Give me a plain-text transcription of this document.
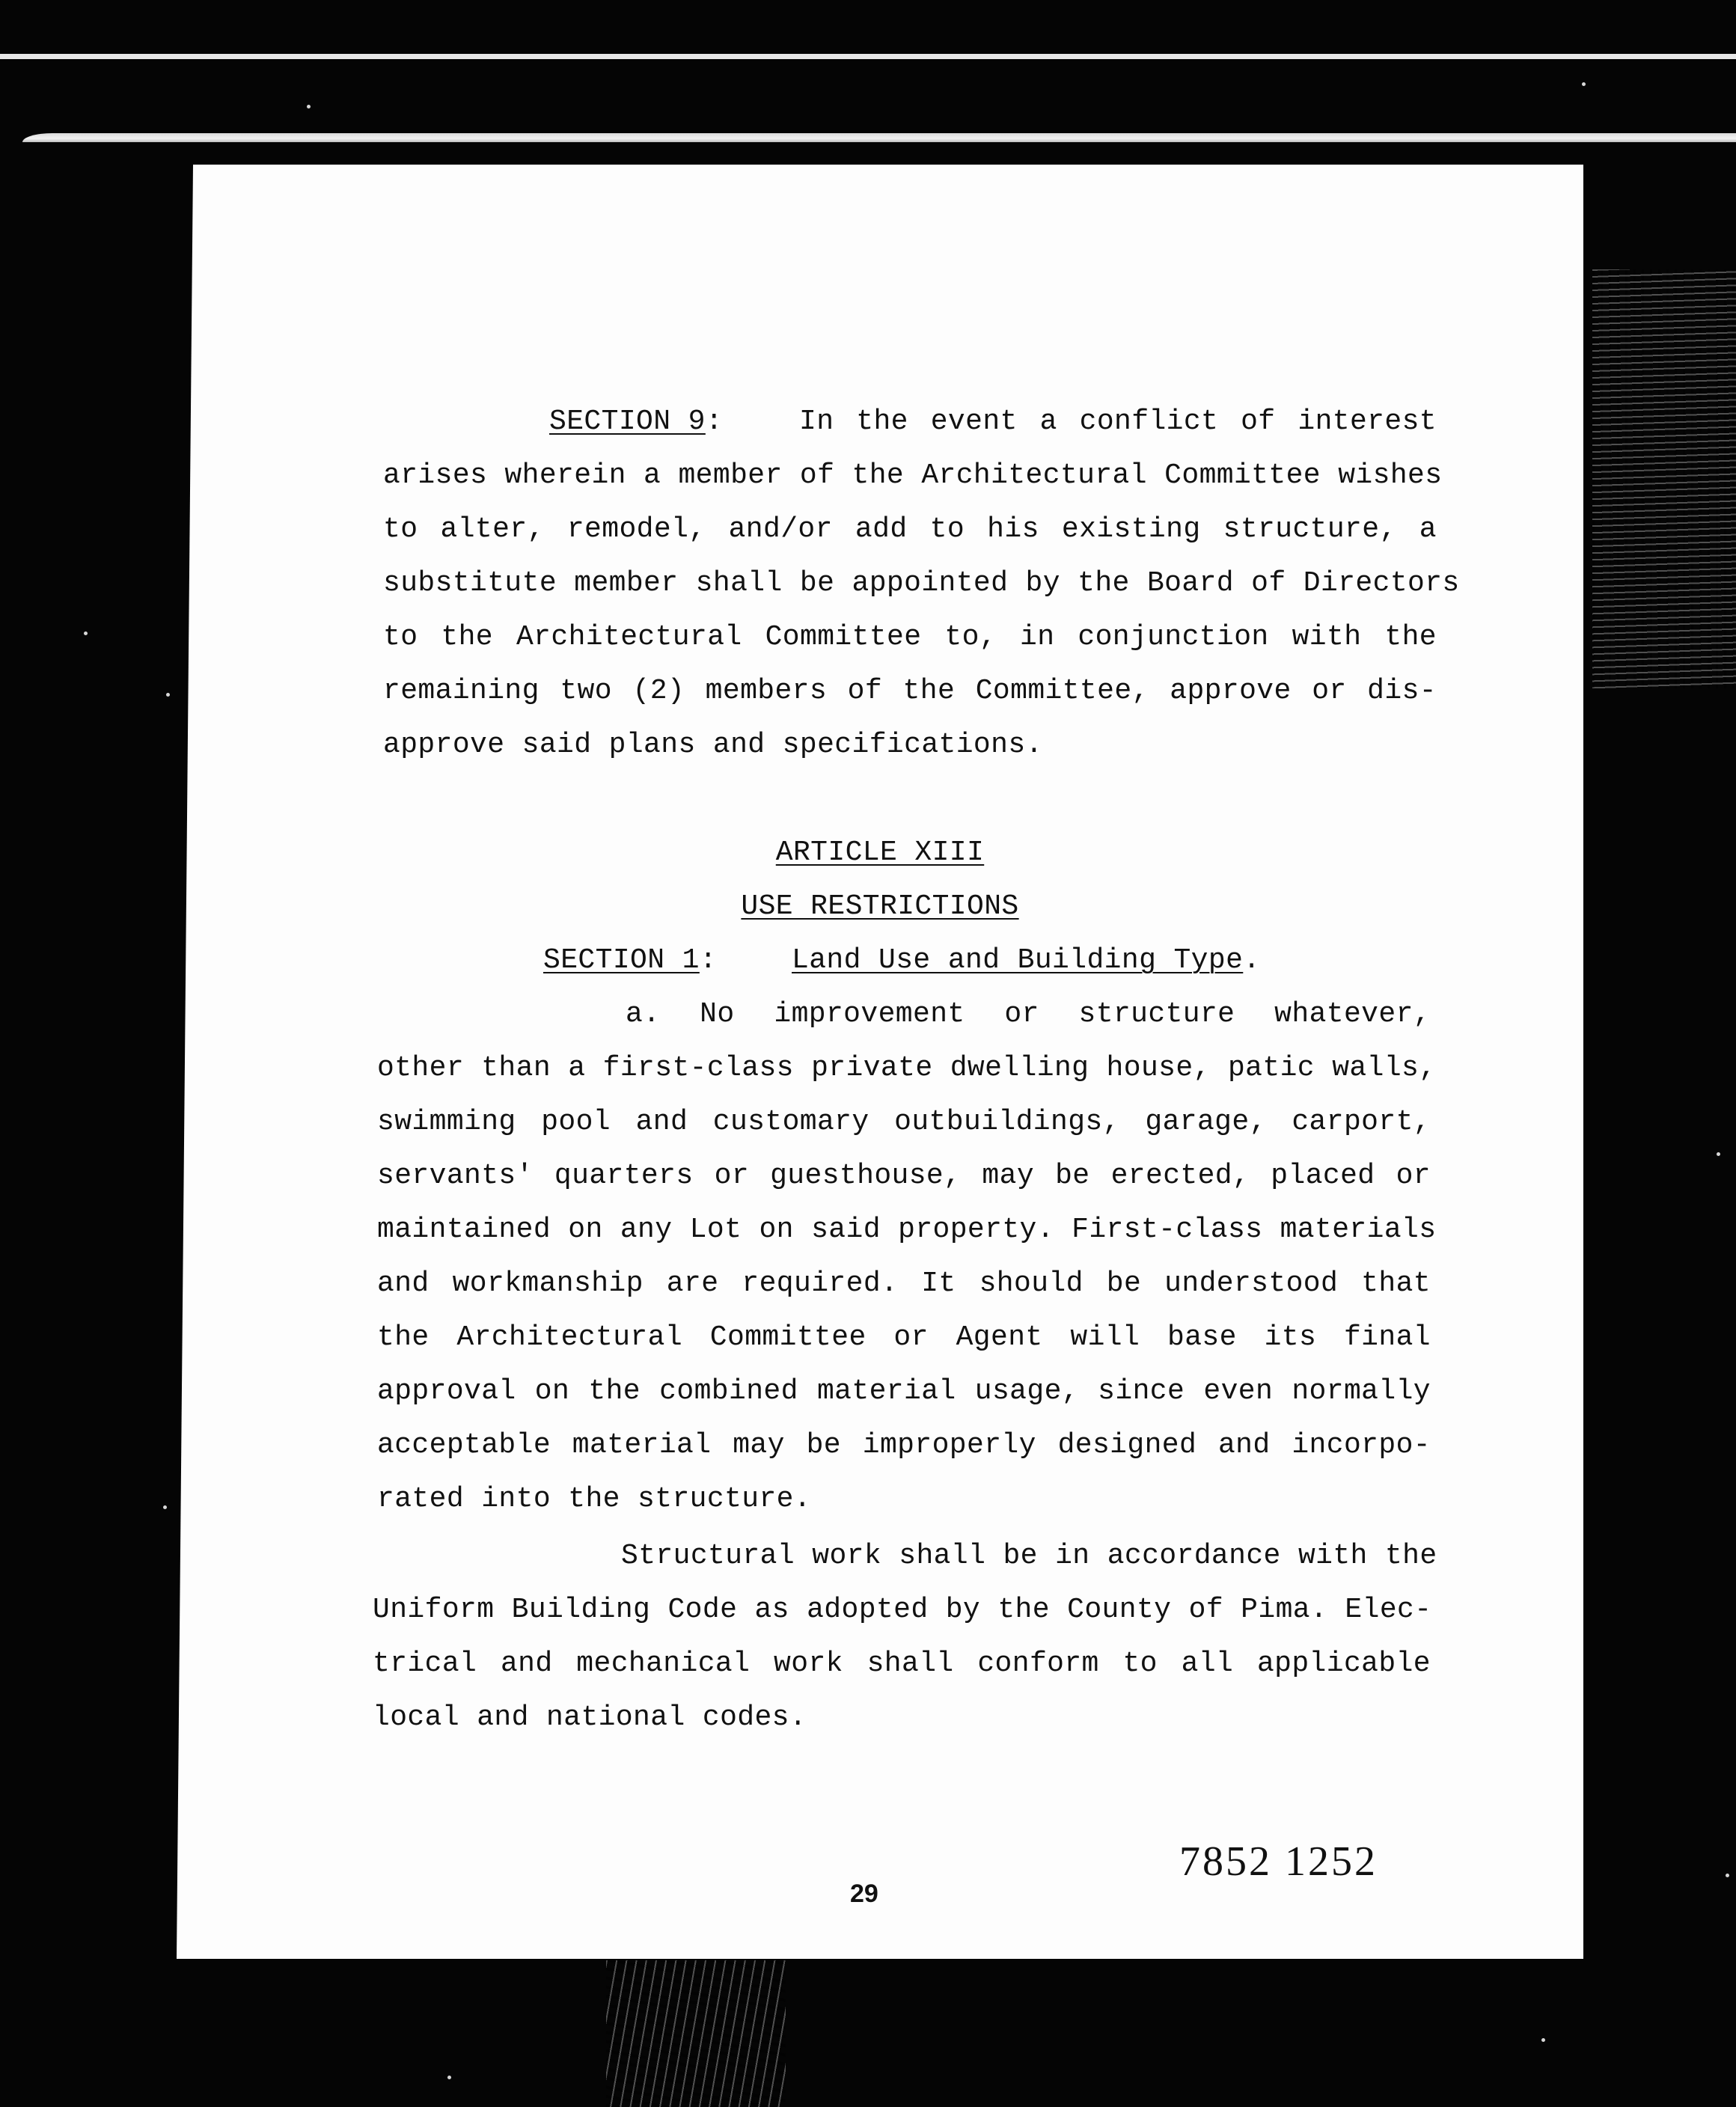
SECTION 9:	In the event a conflict of interest
arises wherein a member of the Architectural Committee wishes
to alter, remodel, and/or add to his existing structure, a
substitute member shall be appointed by the Board of Directors
to the Architectural Committee to, in conjunction with the
remaining two (2) members of the Committee, approve or dis-
approve said plans and specifications.
ARTICLE XIII
USE RESTRICTIONS
SECTION 1:	Land Use and Building Type.
a. No improvement or structure whatever,
other than a first-class private dwelling house, patic walls,
swimming pool and customary outbuildings, garage, carport,
servants' quarters or guesthouse, may be erected, placed or
maintained on any Lot on said property. First-class materials
and workmanship are required. It should be understood that
the Architectural Committee or Agent will base its final
approval on the combined material usage, since even normally
acceptable material may be improperly designed and incorpo-
rated into the structure.
Structural work shall be in accordance with the
Uniform Building Code as adopted by the County of Pima. Elec-
trical and mechanical work shall conform to all applicable
local and national codes.
29
7852 1252
